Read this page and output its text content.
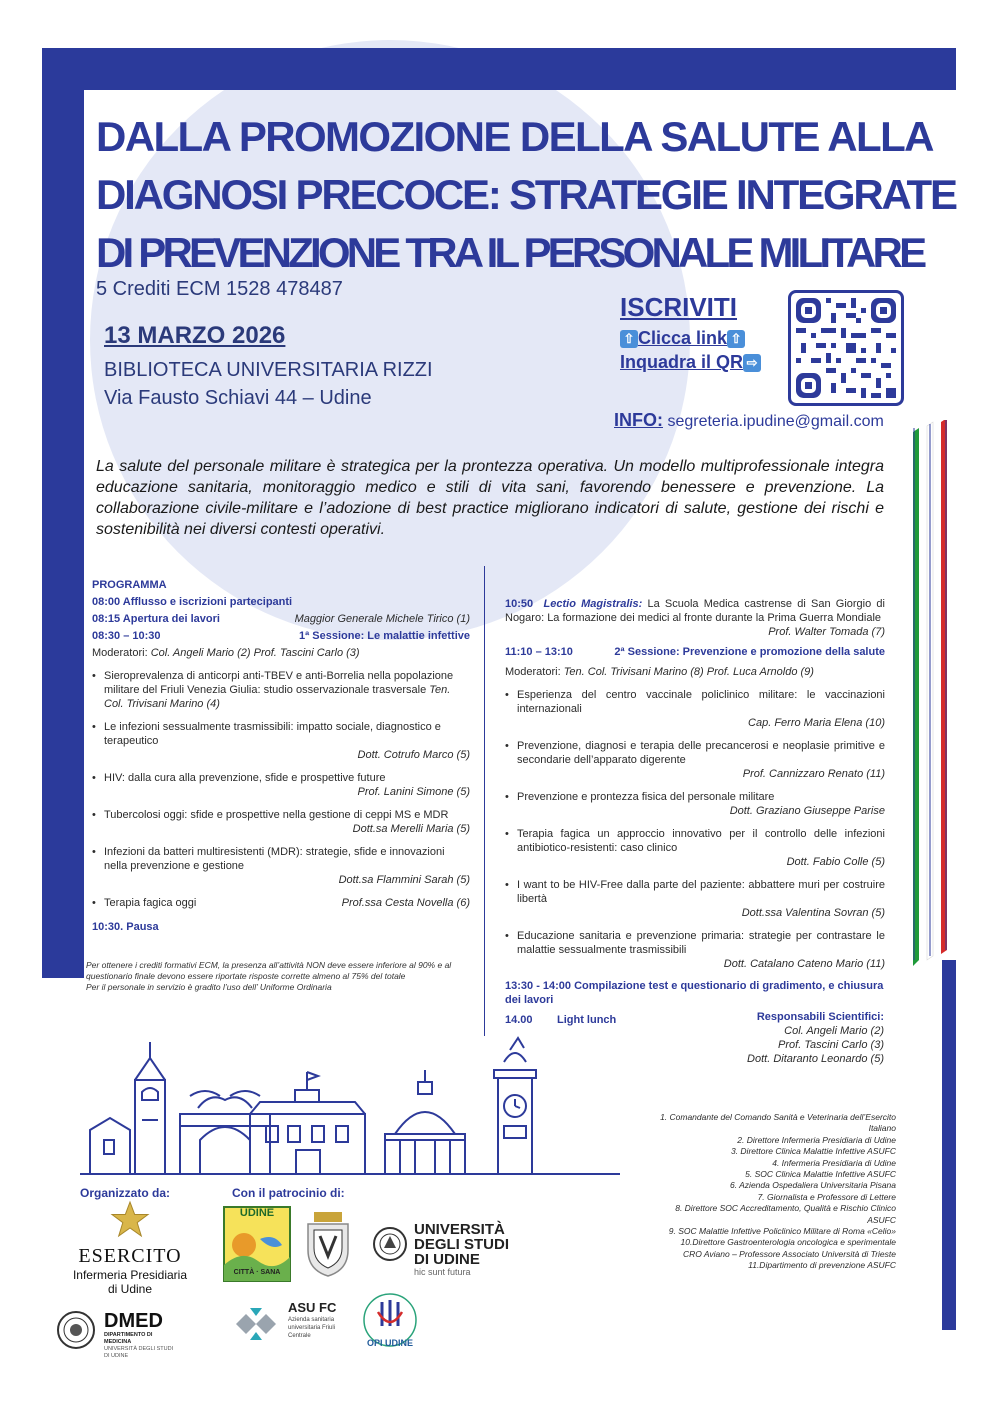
DALLA PROMOZIONE DELLA SALUTE ALLA
DIAGNOSI PRECOCE: STRATEGIE INTEGRATE
DI PREVENZIONE TRA IL PERSONALE MILITARE
5 Crediti ECM 1528 478487
13 MARZO 2026
BIBLIOTECA UNIVERSITARIA RIZZI
Via Fausto Schiavi 44 – Udine
ISCRIVITI
⇧ Clicca link ⇧
Inquadra il QR ⇨
INFO: segreteria.ipudine@gmail.com
La salute del personale militare è strategica per la prontezza operativa. Un modello multiprofessionale integra educazione sanitaria, monitoraggio medico e stili di vita sani, favorendo benessere e prevenzione. La collaborazione civile-militare e l’adozione di best practice migliorano indicatori di salute, gestione dei rischi e sostenibilità nei diversi contesti operativi.
PROGRAMMA
08:00 Afflusso e iscrizioni partecipanti
08:15 Apertura dei lavori	Maggior Generale Michele Tirico (1)
08:30 – 10:30	1ª Sessione: Le malattie infettive
Moderatori: Col. Angeli Mario (2) Prof. Tascini Carlo (3)
• Sieroprevalenza di anticorpi anti-TBEV e anti-Borrelia nella popolazione militare del Friuli Venezia Giulia: studio osservazionale trasversale Ten. Col. Trivisani Marino (4)
• Le infezioni sessualmente trasmissibili: impatto sociale, diagnostico e terapeutico
Dott. Cotrufo Marco (5)
• HIV: dalla cura alla prevenzione, sfide e prospettive future
Prof. Lanini Simone (5)
• Tubercolosi oggi: sfide e prospettive nella gestione di ceppi MS e MDR
Dott.sa Merelli Maria (5)
• Infezioni da batteri multiresistenti (MDR): strategie, sfide e innovazioni nella prevenzione e gestione
Dott.sa Flammini Sarah (5)
• Terapia fagica oggi	Prof.ssa Cesta Novella (6)
10:30. Pausa
10:50 Lectio Magistralis: La Scuola Medica castrense di San Giorgio di Nogaro: La formazione dei medici al fronte durante la Prima Guerra Mondiale
Prof. Walter Tomada (7)
11:10 – 13:10	2ª Sessione: Prevenzione e promozione della salute
Moderatori: Ten. Col. Trivisani Marino (8) Prof. Luca Arnoldo (9)
• Esperienza del centro vaccinale policlinico militare: le vaccinazioni internazionali
Cap. Ferro Maria Elena (10)
• Prevenzione, diagnosi e terapia delle precancerosi e neoplasie primitive e secondarie dell’apparato digerente
Prof. Cannizzaro Renato (11)
• Prevenzione e prontezza fisica del personale militare
Dott. Graziano Giuseppe Parise
• Terapia fagica un approccio innovativo per il controllo delle infezioni antibiotico-resistenti: caso clinico
Dott. Fabio Colle (5)
• I want to be HIV-Free dalla parte del paziente: abbattere muri per costruire libertà
Dott.ssa Valentina Sovran (5)
• Educazione sanitaria e prevenzione primaria: strategie per contrastare le malattie sessualmente trasmissibili
Dott. Catalano Cateno Mario (11)
13:30 - 14:00 Compilazione test e questionario di gradimento, e chiusura dei lavori
14.00 Light lunch
Per ottenere i crediti formativi ECM, la presenza all’attività NON deve essere inferiore al 90% e al questionario finale devono essere riportate risposte corrette almeno al 75% del totale
Per il personale in servizio è gradito l’uso dell’ Uniforme Ordinaria
Responsabili Scientifici:
Col. Angeli Mario (2)
Prof. Tascini Carlo (3)
Dott. Ditaranto Leonardo (5)
1. Comandante del Comando Sanità e Veterinaria dell’Esercito Italiano
2. Direttore Infermeria Presidiaria di Udine
3. Direttore Clinica Malattie Infettive ASUFC
4. Infermeria Presidiaria di Udine
5. SOC Clinica Malattie Infettive ASUFC
6. Azienda Ospedaliera Universitaria Pisana
7. Giornalista e Professore di Lettere
8. Direttore SOC Accreditamento, Qualità e Rischio Clinico ASUFC
9. SOC Malattie Infettive Policlinico Militare di Roma «Celio»
10.Direttore Gastroenterologia oncologica e sperimentale CRO Aviano – Professore Associato Università di Trieste
11.Dipartimento di prevenzione ASUFC
Organizzato da:	Con il patrocinio di:
ESERCITO
Infermeria Presidiaria
di Udine
DMED
DIPARTIMENTO DI MEDICINA
UNIVERSITÀ DEGLI STUDI DI UDINE
UDINE
CITTÀ · SANA
UNIVERSITÀ
DEGLI STUDI
DI UDINE
hic sunt futura
ASU FC
Azienda sanitaria universitaria Friuli Centrale
OPI UDINE
